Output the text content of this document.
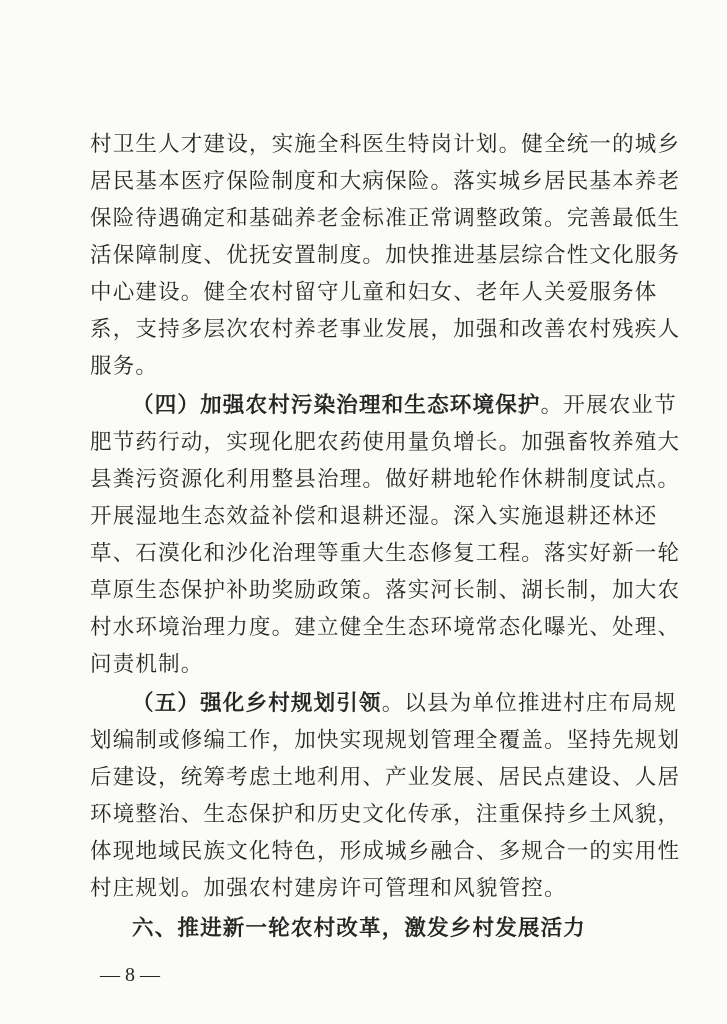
村卫生人才建设，实施全科医生特岗计划。健全统一的城乡
居民基本医疗保险制度和大病保险。落实城乡居民基本养老
保险待遇确定和基础养老金标准正常调整政策。完善最低生
活保障制度、优抚安置制度。加快推进基层综合性文化服务
中心建设。健全农村留守儿童和妇女、老年人关爱服务体
系，支持多层次农村养老事业发展，加强和改善农村残疾人
服务。
（四）加强农村污染治理和生态环境保护。开展农业节
肥节药行动，实现化肥农药使用量负增长。加强畜牧养殖大
县粪污资源化利用整县治理。做好耕地轮作休耕制度试点。
开展湿地生态效益补偿和退耕还湿。深入实施退耕还林还
草、石漠化和沙化治理等重大生态修复工程。落实好新一轮
草原生态保护补助奖励政策。落实河长制、湖长制，加大农
村水环境治理力度。建立健全生态环境常态化曝光、处理、
问责机制。
（五）强化乡村规划引领。以县为单位推进村庄布局规
划编制或修编工作，加快实现规划管理全覆盖。坚持先规划
后建设，统筹考虑土地利用、产业发展、居民点建设、人居
环境整治、生态保护和历史文化传承，注重保持乡土风貌，
体现地域民族文化特色，形成城乡融合、多规合一的实用性
六、推进新一轮农村改革，激发乡村发展活力
— 8 —
村庄规划。加强农村建房许可管理和风貌管控。
